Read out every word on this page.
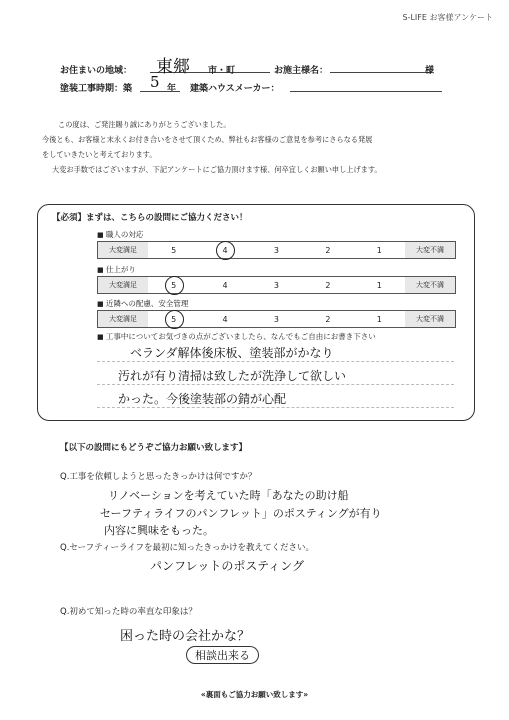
S-LIFE お客様アンケート
お住まいの地域： 東郷 市・町	お施主様名：	様
塗装工事時期：築 5 年 建築ハウスメーカー：
この度は、ご発注賜り誠にありがとうございました。
今後とも、お客様と末永くお付き合いをさせて頂くため、弊社もお客様のご意見を参考にさらなる発展
をしていきたいと考えております。
大変お手数ではございますが、下記アンケートにご協力頂けます様、何卒宜しくお願い申し上げます。
【必須】まずは、こちらの設問にご協力ください！
■ 職人の対応
大変満足	5	4	3	2	1	大変不満
■ 仕上がり
大変満足	5	4	3	2	1	大変不満
■ 近隣への配慮、安全管理
大変満足	5	4	3	2	1	大変不満
■ 工事中についてお気づきの点がございましたら、なんでもご自由にお書き下さい
ベランダ解体後床板、塗装部がかなり
汚れが有り清掃は致したが洗浄して欲しい
かった。今後塗装部の錆が心配
【以下の設問にもどうぞご協力お願い致します】
Q.工事を依頼しようと思ったきっかけは何ですか？
リノベーションを考えていた時「あなたの助け船
セーフティライフのパンフレット」のポスティングが有り
内容に興味をもった。
Q.セーフティーライフを最初に知ったきっかけを教えてください。
パンフレットのポスティング
Q.初めて知った時の率直な印象は？
困った時の会社かな？
相談出来る
«裏面もご協力お願い致します»
